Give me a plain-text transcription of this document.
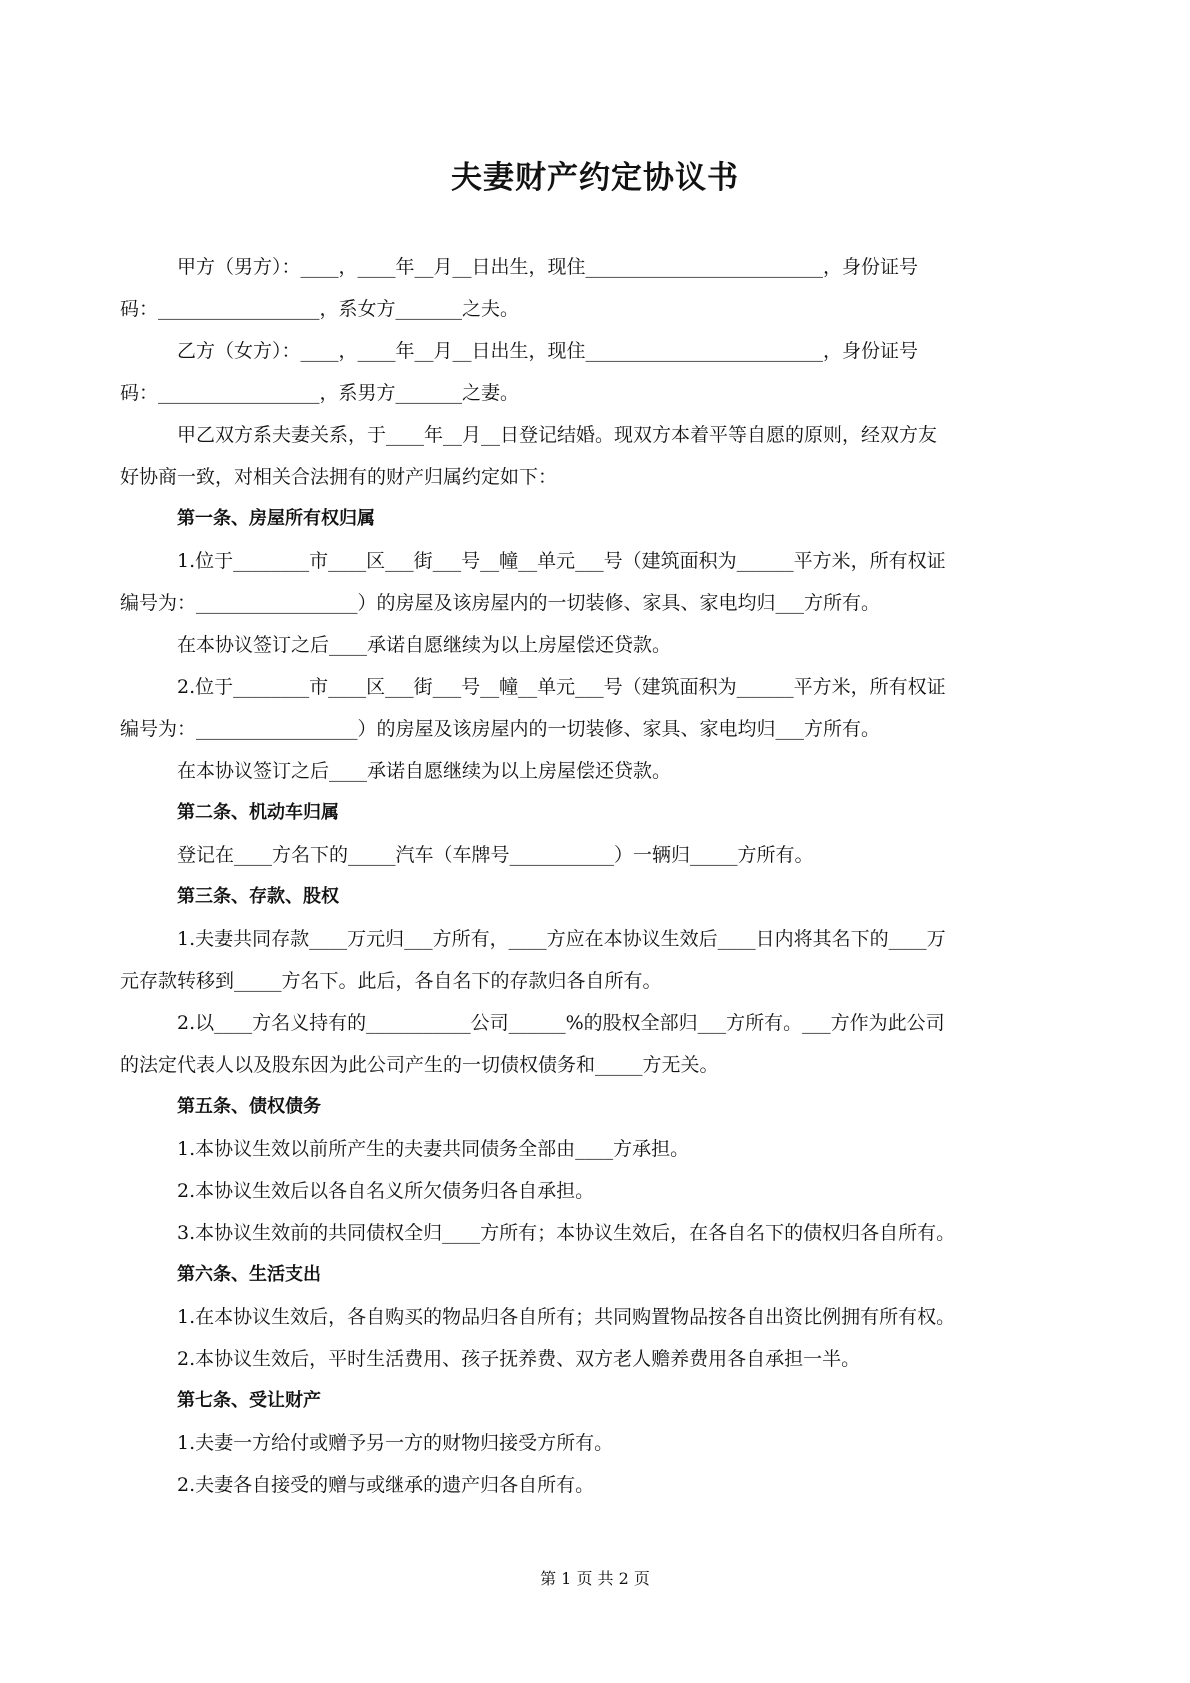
夫妻财产约定协议书
甲方（男方）：____，____年__月__日出生，现住_________________________，身份证号
码：_________________，系女方_______之夫。
乙方（女方）：____，____年__月__日出生，现住_________________________，身份证号
码：_________________，系男方_______之妻。
甲乙双方系夫妻关系，于____年__月__日登记结婚。现双方本着平等自愿的原则，经双方友
好协商一致，对相关合法拥有的财产归属约定如下：
第一条、房屋所有权归属
1.位于________市____区___街___号__幢__单元___号（建筑面积为______平方米，所有权证
编号为：_________________）的房屋及该房屋内的一切装修、家具、家电均归___方所有。
在本协议签订之后____承诺自愿继续为以上房屋偿还贷款。
2.位于________市____区___街___号__幢__单元___号（建筑面积为______平方米，所有权证
编号为：_________________）的房屋及该房屋内的一切装修、家具、家电均归___方所有。
在本协议签订之后____承诺自愿继续为以上房屋偿还贷款。
第二条、机动车归属
登记在____方名下的_____汽车（车牌号___________）一辆归_____方所有。
第三条、存款、股权
1.夫妻共同存款____万元归___方所有，____方应在本协议生效后____日内将其名下的____万
元存款转移到_____方名下。此后，各自名下的存款归各自所有。
2.以____方名义持有的___________公司______%的股权全部归___方所有。___方作为此公司
的法定代表人以及股东因为此公司产生的一切债权债务和_____方无关。
第五条、债权债务
1.本协议生效以前所产生的夫妻共同债务全部由____方承担。
2.本协议生效后以各自名义所欠债务归各自承担。
3.本协议生效前的共同债权全归____方所有；本协议生效后，在各自名下的债权归各自所有。
第六条、生活支出
1.在本协议生效后，各自购买的物品归各自所有；共同购置物品按各自出资比例拥有所有权。
2.本协议生效后，平时生活费用、孩子抚养费、双方老人赡养费用各自承担一半。
第七条、受让财产
1.夫妻一方给付或赠予另一方的财物归接受方所有。
2.夫妻各自接受的赠与或继承的遗产归各自所有。
第 1 页 共 2 页
